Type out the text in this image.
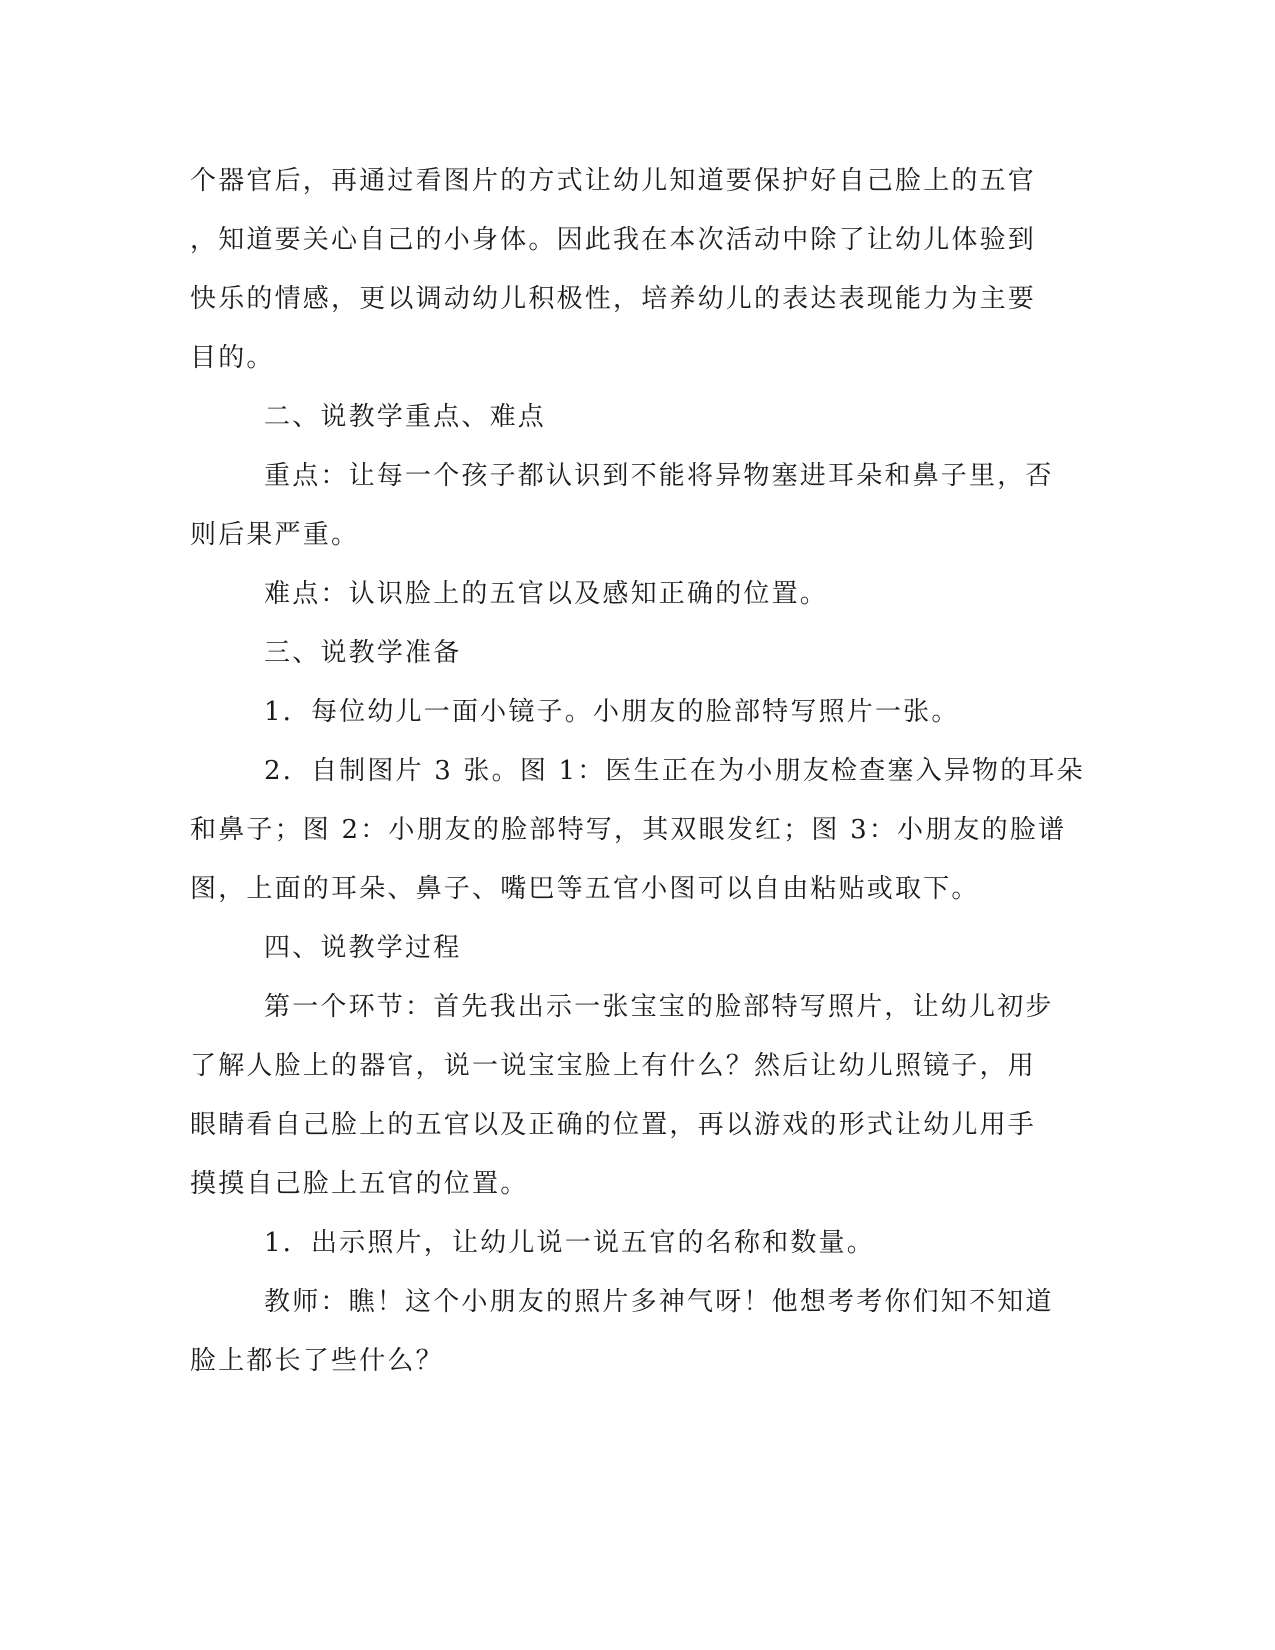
个器官后，再通过看图片的方式让幼儿知道要保护好自己脸上的五官
，知道要关心自己的小身体。因此我在本次活动中除了让幼儿体验到
快乐的情感，更以调动幼儿积极性，培养幼儿的表达表现能力为主要
目的。
二、说教学重点、难点
重点：让每一个孩子都认识到不能将异物塞进耳朵和鼻子里，否
则后果严重。
难点：认识脸上的五官以及感知正确的位置。
三、说教学准备
1．每位幼儿一面小镜子。小朋友的脸部特写照片一张。
2．自制图片 3 张。图 1：医生正在为小朋友检查塞入异物的耳朵
和鼻子；图 2：小朋友的脸部特写，其双眼发红；图 3：小朋友的脸谱
图，上面的耳朵、鼻子、嘴巴等五官小图可以自由粘贴或取下。
四、说教学过程
第一个环节：首先我出示一张宝宝的脸部特写照片，让幼儿初步
了解人脸上的器官，说一说宝宝脸上有什么？然后让幼儿照镜子，用
眼睛看自己脸上的五官以及正确的位置，再以游戏的形式让幼儿用手
摸摸自己脸上五官的位置。
1．出示照片，让幼儿说一说五官的名称和数量。
教师：瞧！这个小朋友的照片多神气呀！他想考考你们知不知道
脸上都长了些什么？
